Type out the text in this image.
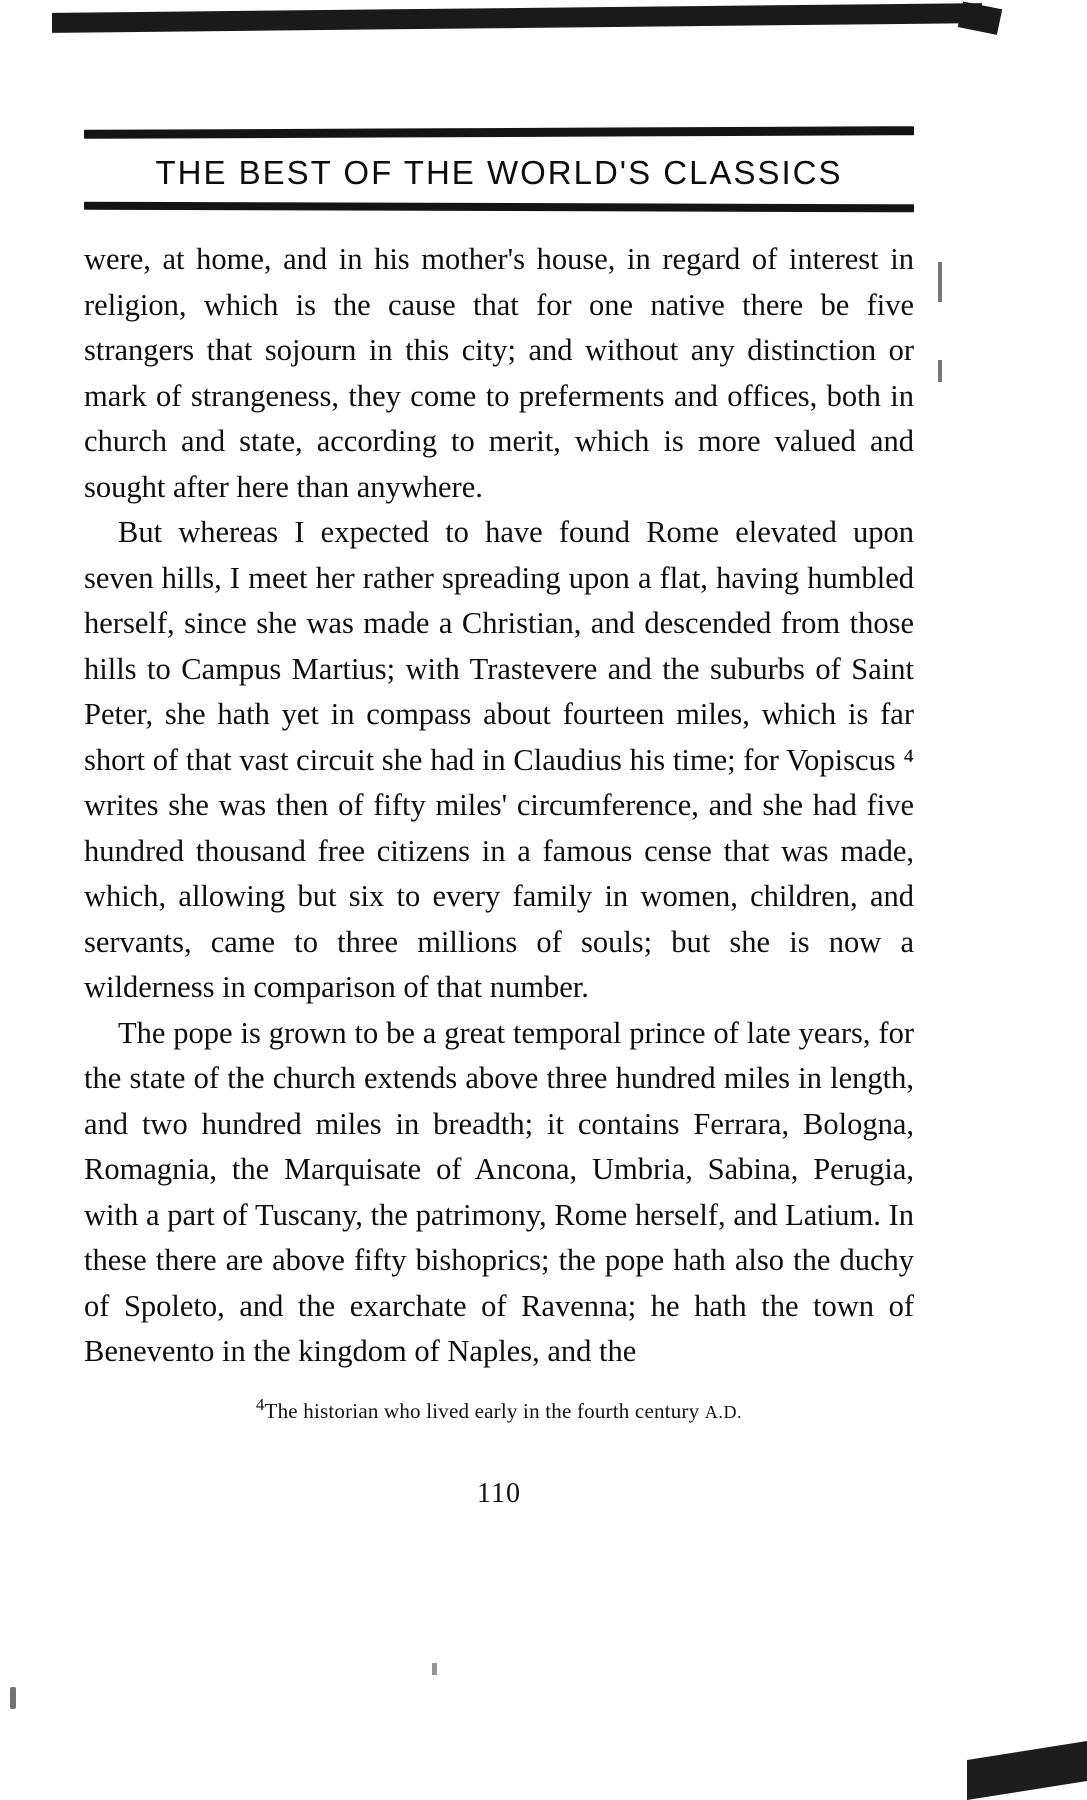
THE BEST OF THE WORLD'S CLASSICS

were, at home, and in his mother's house, in regard of interest in religion, which is the cause that for one native there be five strangers that sojourn in this city; and without any distinction or mark of strangeness, they come to preferments and offices, both in church and state, according to merit, which is more valued and sought after here than anywhere.

But whereas I expected to have found Rome elevated upon seven hills, I meet her rather spreading upon a flat, having humbled herself, since she was made a Christian, and descended from those hills to Campus Martius; with Trastevere and the suburbs of Saint Peter, she hath yet in compass about fourteen miles, which is far short of that vast circuit she had in Claudius his time; for Vopiscus ⁴ writes she was then of fifty miles' circumference, and she had five hundred thousand free citizens in a famous cense that was made, which, allowing but six to every family in women, children, and servants, came to three millions of souls; but she is now a wilderness in comparison of that number.

The pope is grown to be a great temporal prince of late years, for the state of the church extends above three hundred miles in length, and two hundred miles in breadth; it contains Ferrara, Bologna, Romagnia, the Marquisate of Ancona, Umbria, Sabina, Perugia, with a part of Tuscany, the patrimony, Rome herself, and Latium. In these there are above fifty bishoprics; the pope hath also the duchy of Spoleto, and the exarchate of Ravenna; he hath the town of Benevento in the kingdom of Naples, and the

$^4$The historian who lived early in the fourth century A.D.
110
